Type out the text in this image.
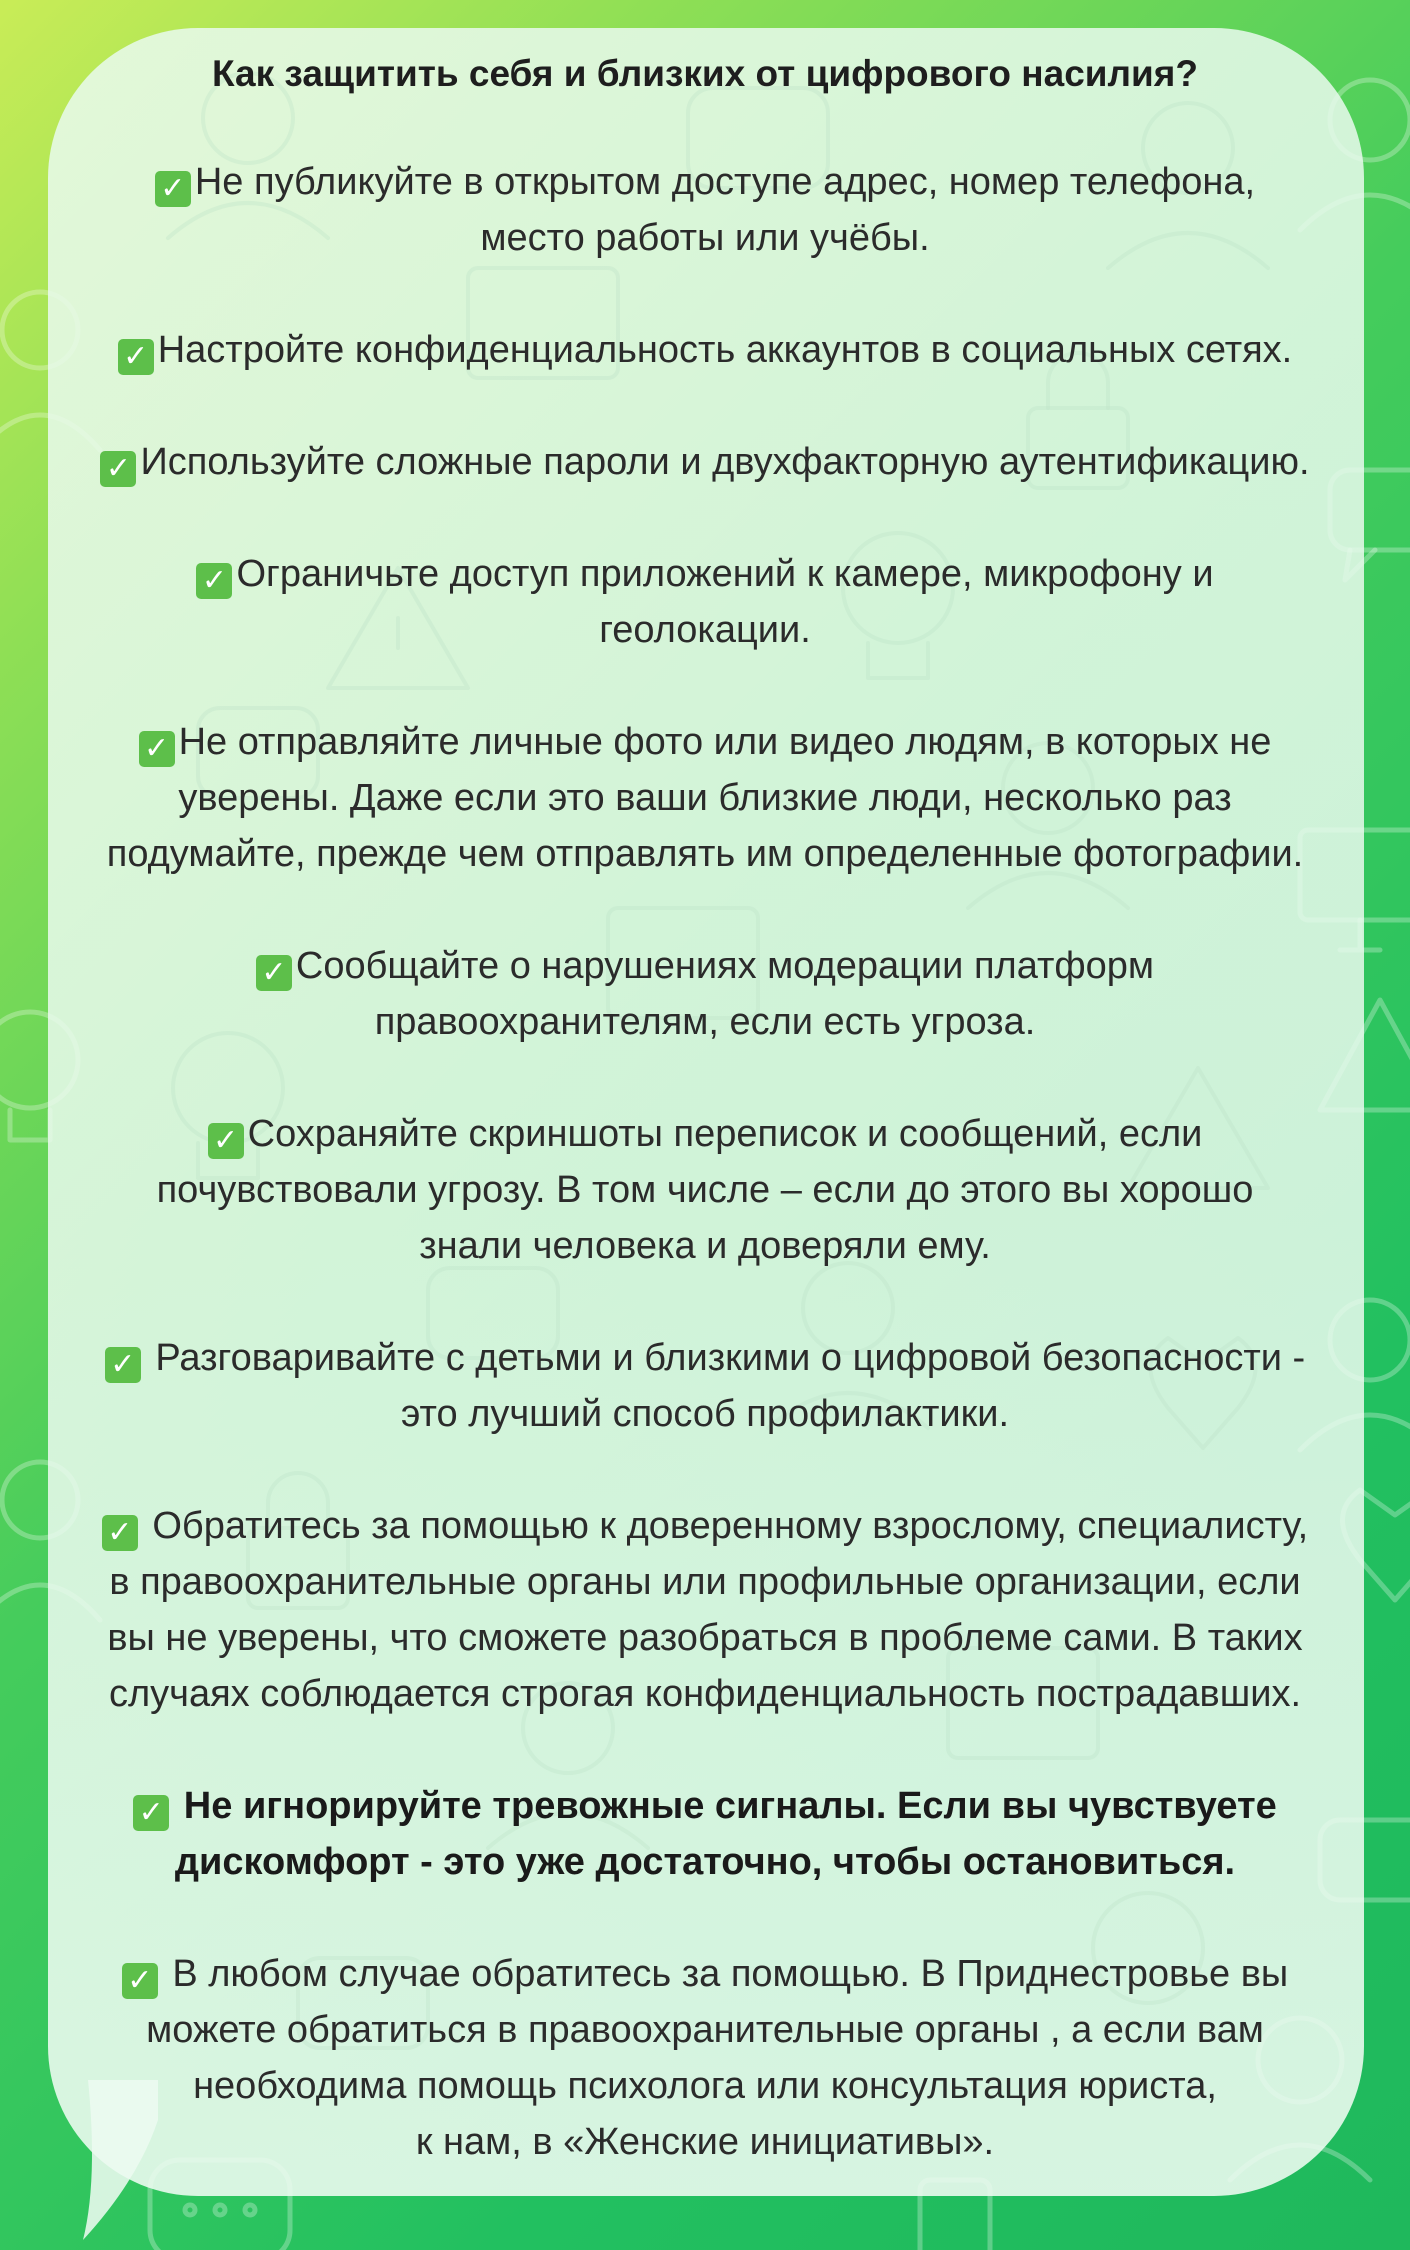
Как защитить себя и близких от цифрового насилия?
✓ Не публикуйте в открытом доступе адрес, номер телефона,
место работы или учёбы.
✓ Настройте конфиденциальность аккаунтов в социальных сетях.
✓ Используйте сложные пароли и двухфакторную аутентификацию.
✓ Ограничьте доступ приложений к камере, микрофону и
геолокации.
✓ Не отправляйте личные фото или видео людям, в которых не
уверены. Даже если это ваши близкие люди, несколько раз
подумайте, прежде чем отправлять им определенные фотографии.
✓ Сообщайте о нарушениях модерации платформ
правоохранителям, если есть угроза.
✓ Сохраняйте скриншоты переписок и сообщений, если
почувствовали угрозу. В том числе – если до этого вы хорошо
знали человека и доверяли ему.
✓ Разговаривайте с детьми и близкими о цифровой безопасности -
это лучший способ профилактики.
✓ Обратитесь за помощью к доверенному взрослому, специалисту,
в правоохранительные органы или профильные организации, если
вы не уверены, что сможете разобраться в проблеме сами. В таких
случаях соблюдается строгая конфиденциальность пострадавших.
✓ Не игнорируйте тревожные сигналы. Если вы чувствуете
дискомфорт - это уже достаточно, чтобы остановиться.
✓ В любом случае обратитесь за помощью. В Приднестровье вы
можете обратиться в правоохранительные органы , а если вам
необходима помощь психолога или консультация юриста,
к нам, в «Женские инициативы».
